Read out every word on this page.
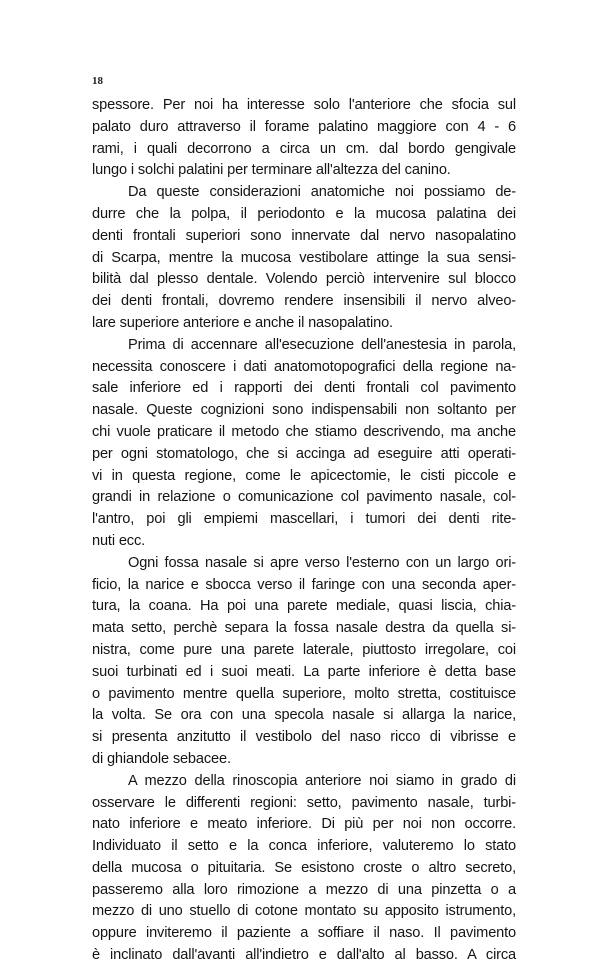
18
spessore. Per noi ha interesse solo l'anteriore che sfocia sul
palato duro attraverso il forame palatino maggiore con 4 - 6
rami, i quali decorrono a circa un cm. dal bordo gengivale
lungo i solchi palatini per terminare all'altezza del canino.
Da queste considerazioni anatomiche noi possiamo de-
durre che la polpa, il periodonto e la mucosa palatina dei
denti frontali superiori sono innervate dal nervo nasopalatino
di Scarpa, mentre la mucosa vestibolare attinge la sua sensi-
bilità dal plesso dentale. Volendo perciò intervenire sul blocco
dei denti frontali, dovremo rendere insensibili il nervo alveo-
lare superiore anteriore e anche il nasopalatino.
Prima di accennare all'esecuzione dell'anestesia in parola,
necessita conoscere i dati anatomotopografici della regione na-
sale inferiore ed i rapporti dei denti frontali col pavimento
nasale. Queste cognizioni sono indispensabili non soltanto per
chi vuole praticare il metodo che stiamo descrivendo, ma anche
per ogni stomatologo, che si accinga ad eseguire atti operati-
vi in questa regione, come le apicectomie, le cisti piccole e
grandi in relazione o comunicazione col pavimento nasale, col-
l'antro, poi gli empiemi mascellari, i tumori dei denti rite-
nuti ecc.
Ogni fossa nasale si apre verso l'esterno con un largo ori-
ficio, la narice e sbocca verso il faringe con una seconda aper-
tura, la coana. Ha poi una parete mediale, quasi liscia, chia-
mata setto, perchè separa la fossa nasale destra da quella si-
nistra, come pure una parete laterale, piuttosto irregolare, coi
suoi turbinati ed i suoi meati. La parte inferiore è detta base
o pavimento mentre quella superiore, molto stretta, costituisce
la volta. Se ora con una specola nasale si allarga la narice,
si presenta anzitutto il vestibolo del naso ricco di vibrisse e
di ghiandole sebacee.
A mezzo della rinoscopia anteriore noi siamo in grado di
osservare le differenti regioni: setto, pavimento nasale, turbi-
nato inferiore e meato inferiore. Di più per noi non occorre.
Individuato il setto e la conca inferiore, valuteremo lo stato
della mucosa o pituitaria. Se esistono croste o altro secreto,
passeremo alla loro rimozione a mezzo di una pinzetta o a
mezzo di uno stuello di cotone montato su apposito istrumento,
oppure inviteremo il paziente a soffiare il naso. Il pavimento
è inclinato dall'avanti all'indietro e dall'alto al basso. A circa
